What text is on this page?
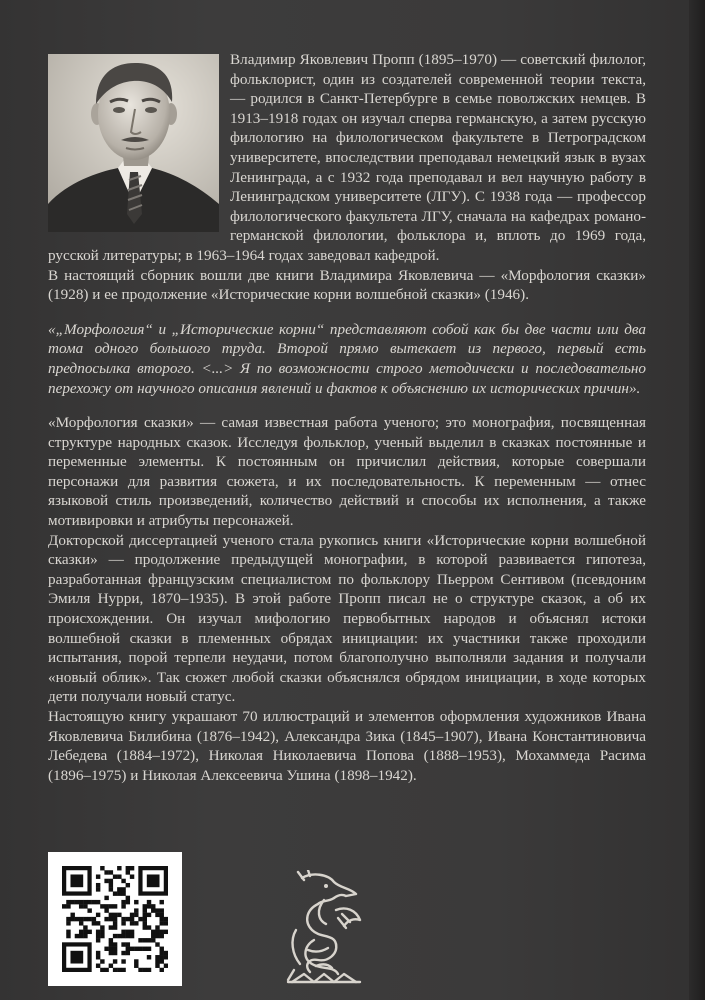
Владимир Яковлевич Пропп (1895–1970) — советский филолог, фольклорист, один из создателей современной теории текста, — родился в Санкт-Петербурге в семье поволжских немцев. В 1913–1918 годах он изучал сперва германскую, а затем русскую филологию на филологическом факультете в Петроградском университете, впоследствии преподавал немецкий язык в вузах Ленинграда, а с 1932 года преподавал и вел научную работу в Ленинградском университете (ЛГУ). С 1938 года — профессор филологического факультета ЛГУ, сначала на кафедрах романо-германской филологии, фольклора и, вплоть до 1969 года, русской литературы; в 1963–1964 годах заведовал кафедрой.

В настоящий сборник вошли две книги Владимира Яковлевича — «Морфология сказки» (1928) и ее продолжение «Исторические корни волшебной сказки» (1946).

«„Морфология“ и „Исторические корни“ представляют собой как бы две части или два тома одного большого труда. Второй прямо вытекает из первого, первый есть предпосылка второго. <...> Я по возможности строго методически и последовательно перехожу от научного описания явлений и фактов к объяснению их исторических причин».

«Морфология сказки» — самая известная работа ученого; это монография, посвященная структуре народных сказок. Исследуя фольклор, ученый выделил в сказках постоянные и переменные элементы. К постоянным он причислил действия, которые совершали персонажи для развития сюжета, и их последовательность. К переменным — отнес языковой стиль произведений, количество действий и способы их исполнения, а также мотивировки и атрибуты персонажей.

Докторской диссертацией ученого стала рукопись книги «Исторические корни волшебной сказки» — продолжение предыдущей монографии, в которой развивается гипотеза, разработанная французским специалистом по фольклору Пьерром Сентивом (псевдоним Эмиля Нурри, 1870–1935). В этой работе Пропп писал не о структуре сказок, а об их происхождении. Он изучал мифологию первобытных народов и объяснял истоки волшебной сказки в племенных обрядах инициации: их участники также проходили испытания, порой терпели неудачи, потом благополучно выполняли задания и получали «новый облик». Так сюжет любой сказки объяснялся обрядом инициации, в ходе которых дети получали новый статус.

Настоящую книгу украшают 70 иллюстраций и элементов оформления художников Ивана Яковлевича Билибина (1876–1942), Александра Зика (1845–1907), Ивана Константиновича Лебедева (1884–1972), Николая Николаевича Попова (1888–1953), Мохаммеда Расима (1896–1975) и Николая Алексеевича Ушина (1898–1942).
